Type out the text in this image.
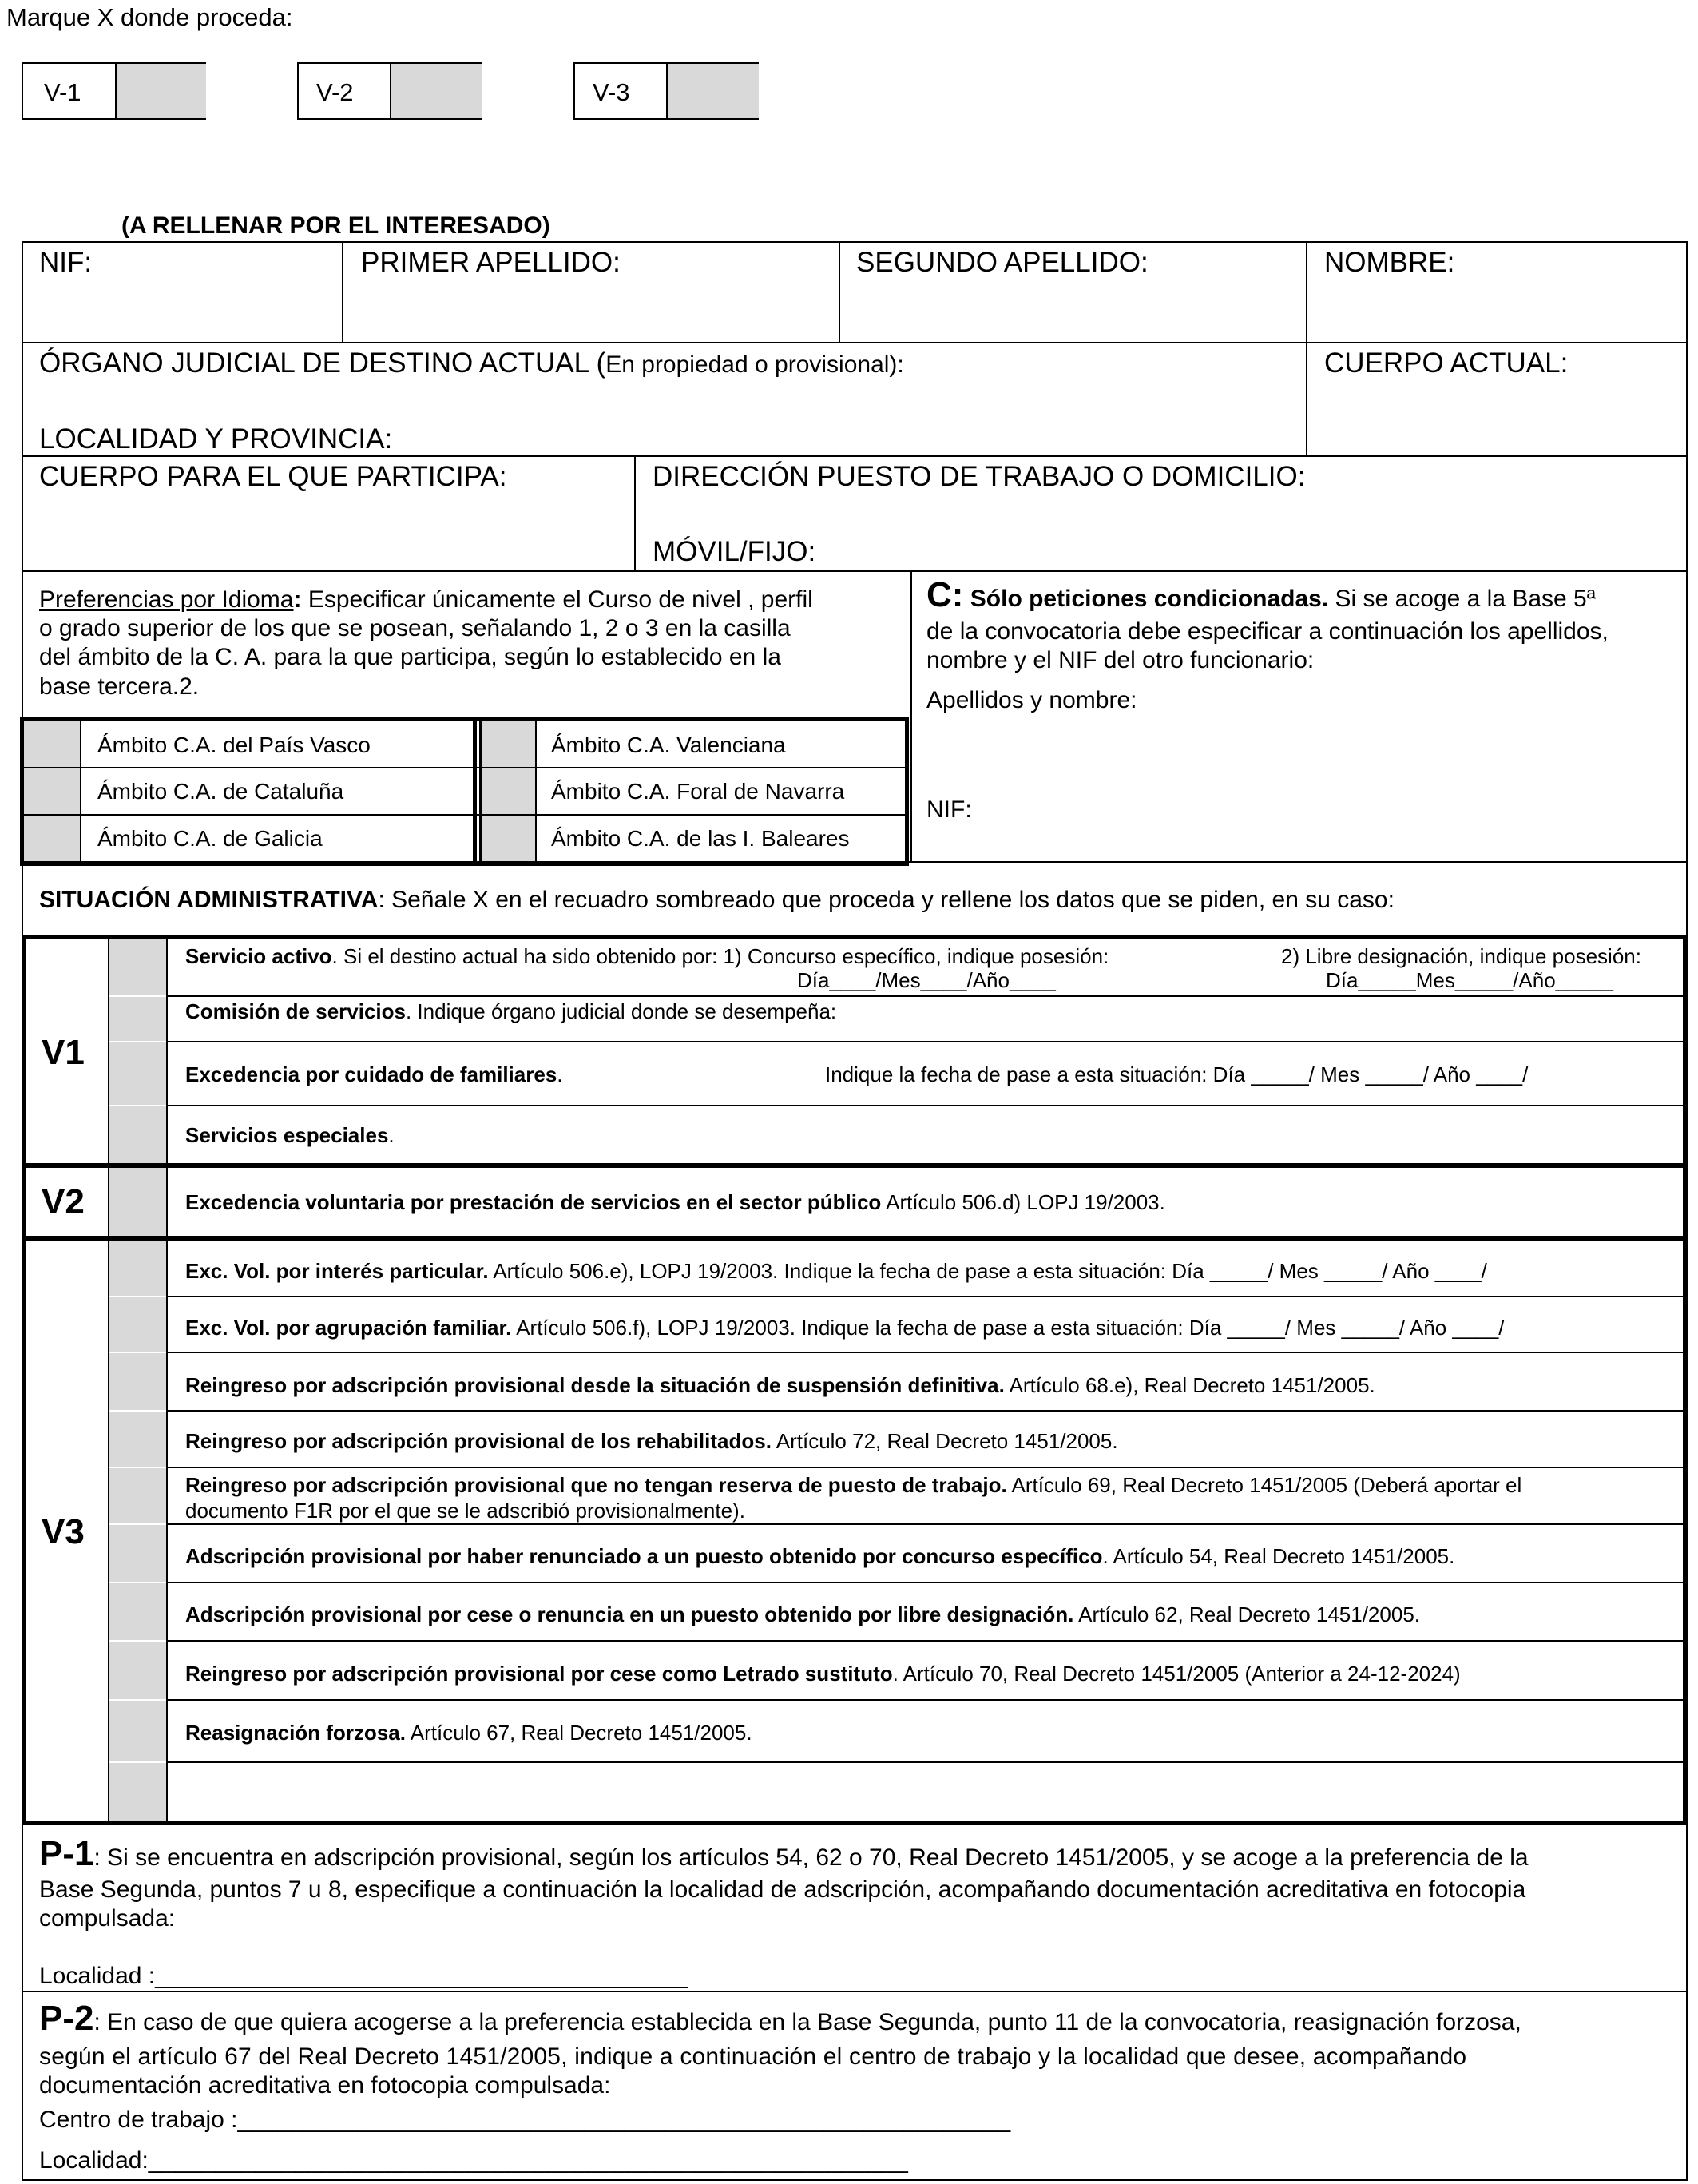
Marque X donde proceda:
V-1	V-2	V-3
(A RELLENAR POR EL INTERESADO)
NIF:	PRIMER APELLIDO:	SEGUNDO APELLIDO:	NOMBRE:
ÓRGANO JUDICIAL DE DESTINO ACTUAL (En propiedad o provisional):	CUERPO ACTUAL:
LOCALIDAD Y PROVINCIA:
CUERPO PARA EL QUE PARTICIPA:	DIRECCIÓN PUESTO DE TRABAJO O DOMICILIO:
MÓVIL/FIJO:
Preferencias por Idioma: Especificar únicamente el Curso de nivel , perfil
o grado superior de los que se posean, señalando 1, 2 o 3 en la casilla
del ámbito de la C. A. para la que participa, según lo establecido en la
base tercera.2.
Ámbito C.A. del País Vasco
Ámbito C.A. de Cataluña
Ámbito C.A. de Galicia
Ámbito C.A. Valenciana
Ámbito C.A. Foral de Navarra
Ámbito C.A. de las I. Baleares
C: Sólo peticiones condicionadas. Si se acoge a la Base 5ª
de la convocatoria debe especificar a continuación los apellidos,
nombre y el NIF del otro funcionario:
Apellidos y nombre:
NIF:
SITUACIÓN ADMINISTRATIVA: Señale X en el recuadro sombreado que proceda y rellene los datos que se piden, en su caso:
V1
Servicio activo. Si el destino actual ha sido obtenido por: 1) Concurso específico, indique posesión:	2) Libre designación, indique posesión:
Día____/Mes____/Año____	Día_____Mes_____/Año_____
Comisión de servicios. Indique órgano judicial donde se desempeña:
Excedencia por cuidado de familiares.	Indique la fecha de pase a esta situación: Día _____/ Mes _____/ Año ____/
Servicios especiales.
V2	Excedencia voluntaria por prestación de servicios en el sector público Artículo 506.d) LOPJ 19/2003.
V3
Exc. Vol. por interés particular. Artículo 506.e), LOPJ 19/2003. Indique la fecha de pase a esta situación: Día _____/ Mes _____/ Año ____/
Exc. Vol. por agrupación familiar. Artículo 506.f), LOPJ 19/2003. Indique la fecha de pase a esta situación: Día _____/ Mes _____/ Año ____/
Reingreso por adscripción provisional desde la situación de suspensión definitiva. Artículo 68.e), Real Decreto 1451/2005.
Reingreso por adscripción provisional de los rehabilitados. Artículo 72, Real Decreto 1451/2005.
Reingreso por adscripción provisional que no tengan reserva de puesto de trabajo. Artículo 69, Real Decreto 1451/2005 (Deberá aportar el
documento F1R por el que se le adscribió provisionalmente).
Adscripción provisional por haber renunciado a un puesto obtenido por concurso específico. Artículo 54, Real Decreto 1451/2005.
Adscripción provisional por cese o renuncia en un puesto obtenido por libre designación. Artículo 62, Real Decreto 1451/2005.
Reingreso por adscripción provisional por cese como Letrado sustituto. Artículo 70, Real Decreto 1451/2005 (Anterior a 24-12-2024)
Reasignación forzosa. Artículo 67, Real Decreto 1451/2005.
P-1: Si se encuentra en adscripción provisional, según los artículos 54, 62 o 70, Real Decreto 1451/2005, y se acoge a la preferencia de la
Base Segunda, puntos 7 u 8, especifique a continuación la localidad de adscripción, acompañando documentación acreditativa en fotocopia
compulsada:
Localidad :________________________________________
P-2: En caso de que quiera acogerse a la preferencia establecida en la Base Segunda, punto 11 de la convocatoria, reasignación forzosa,
según el artículo 67 del Real Decreto 1451/2005, indique a continuación el centro de trabajo y la localidad que desee, acompañando
documentación acreditativa en fotocopia compulsada:
Centro de trabajo :__________________________________________________________
Localidad:_________________________________________________________
